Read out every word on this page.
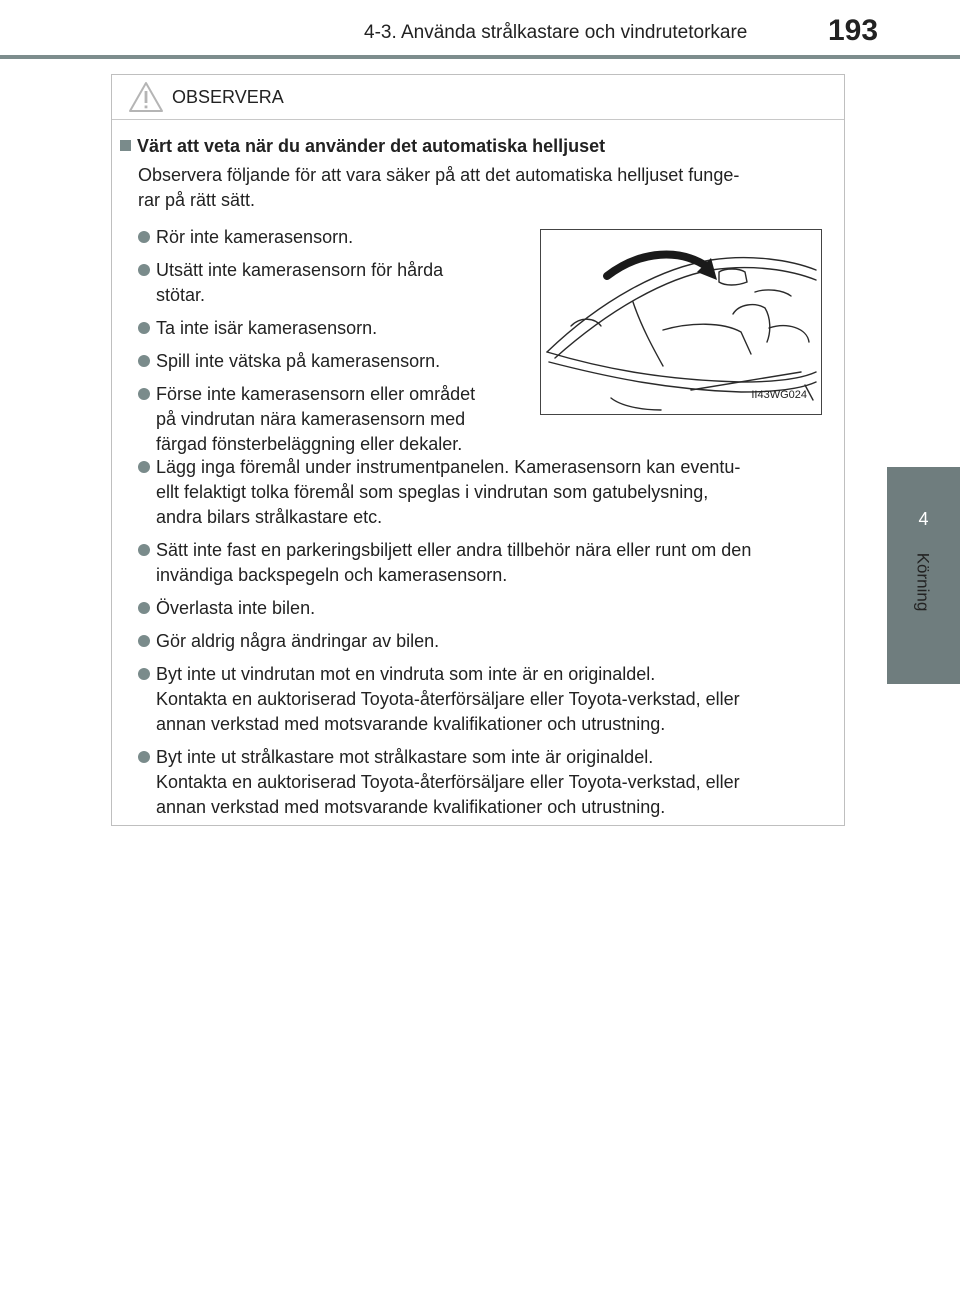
4-3. Använda strålkastare och vindrutetorkare	193
4
Körning
OBSERVERA
Värt att veta när du använder det automatiska helljuset
Observera följande för att vara säker på att det automatiska helljuset funge-
rar på rätt sätt.
Rör inte kamerasensorn.
Utsätt inte kamerasensorn för hårda
stötar.
Ta inte isär kamerasensorn.
Spill inte vätska på kamerasensorn.
Förse inte kamerasensorn eller området
på vindrutan nära kamerasensorn med
färgad fönsterbeläggning eller dekaler.
II43WG024
Lägg inga föremål under instrumentpanelen. Kamerasensorn kan eventu-
ellt felaktigt tolka föremål som speglas i vindrutan som gatubelysning,
andra bilars strålkastare etc.
Sätt inte fast en parkeringsbiljett eller andra tillbehör nära eller runt om den
invändiga backspegeln och kamerasensorn.
Överlasta inte bilen.
Gör aldrig några ändringar av bilen.
Byt inte ut vindrutan mot en vindruta som inte är en originaldel.
Kontakta en auktoriserad Toyota-återförsäljare eller Toyota-verkstad, eller
annan verkstad med motsvarande kvalifikationer och utrustning.
Byt inte ut strålkastare mot strålkastare som inte är originaldel.
Kontakta en auktoriserad Toyota-återförsäljare eller Toyota-verkstad, eller
annan verkstad med motsvarande kvalifikationer och utrustning.
